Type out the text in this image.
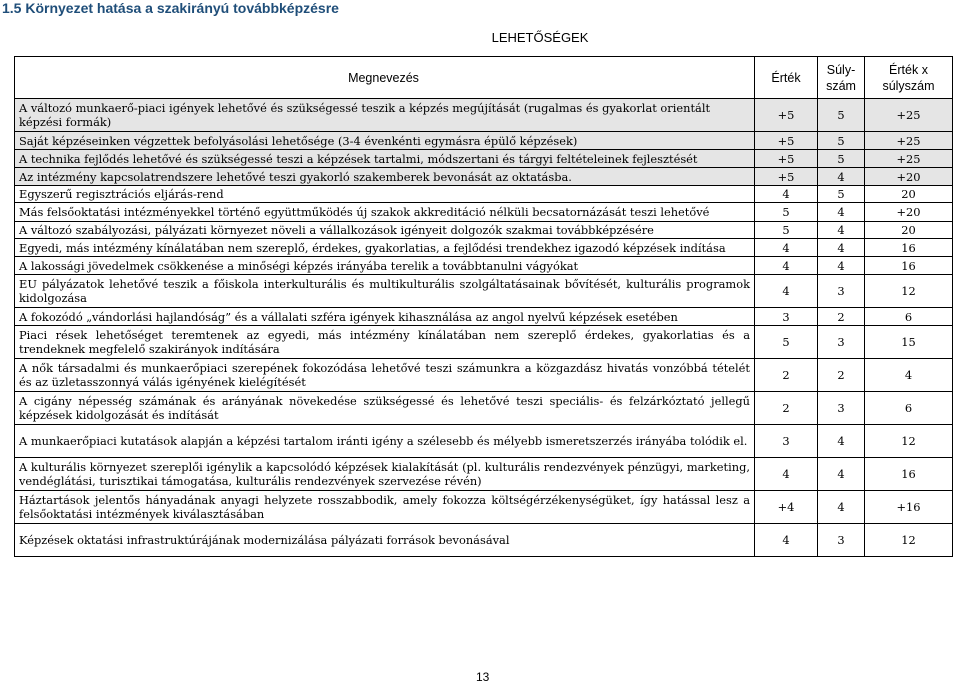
1.5 Környezet hatása a szakirányú továbbképzésre
LEHETŐSÉGEK
Megnevezés	Érték	Súly-szám	Érték x súlyszám
A változó munkaerő-piaci igények lehetővé és szükségessé teszik a képzés megújítását (rugalmas és gyakorlat orientált képzési formák)	+5	5	+25
Saját képzéseinken végzettek befolyásolási lehetősége (3-4 évenkénti egymásra épülő képzések)	+5	5	+25
A technika fejlődés lehetővé és szükségessé teszi a képzések tartalmi, módszertani és tárgyi feltételeinek fejlesztését	+5	5	+25
Az intézmény kapcsolatrendszere lehetővé teszi gyakorló szakemberek bevonását az oktatásba.	+5	4	+20
Egyszerű regisztrációs eljárás-rend	4	5	20
Más felsőoktatási intézményekkel történő együttműködés új szakok akkreditáció nélküli becsatornázását teszi lehetővé	5	4	+20
A változó szabályozási, pályázati környezet növeli a vállalkozások igényeit dolgozók szakmai továbbképzésére	5	4	20
Egyedi, más intézmény kínálatában nem szereplő, érdekes, gyakorlatias, a fejlődési trendekhez igazodó képzések indítása	4	4	16
A lakossági jövedelmek csökkenése a minőségi képzés irányába terelik a továbbtanulni vágyókat	4	4	16
EU pályázatok lehetővé teszik a főiskola interkulturális és multikulturális szolgáltatásainak bővítését, kulturális programok kidolgozása	4	3	12
A fokozódó „vándorlási hajlandóság” és a vállalati szféra igények kihasználása az angol nyelvű képzések esetében	3	2	6
Piaci rések lehetőséget teremtenek az egyedi, más intézmény kínálatában nem szereplő érdekes, gyakorlatias és a trendeknek megfelelő szakirányok indítására	5	3	15
A nők társadalmi és munkaerőpiaci szerepének fokozódása lehetővé teszi számunkra a közgazdász hivatás vonzóbbá tételét és az üzletasszonnyá válás igényének kielégítését	2	2	4
A cigány népesség számának és arányának növekedése szükségessé és lehetővé teszi speciális- és felzárkóztató jellegű képzések kidolgozását és indítását	2	3	6
A munkaerőpiaci kutatások alapján a képzési tartalom iránti igény a szélesebb és mélyebb ismeretszerzés irányába tolódik el.	3	4	12
A kulturális környezet szereplői igénylik a kapcsolódó képzések kialakítását (pl. kulturális rendezvények pénzügyi, marketing, vendéglátási, turisztikai támogatása, kulturális rendezvények szervezése révén)	4	4	16
Háztartások jelentős hányadának anyagi helyzete rosszabbodik, amely fokozza költségérzékenységüket, így hatással lesz a felsőoktatási intézmények kiválasztásában	+4	4	+16
Képzések oktatási infrastruktúrájának modernizálása pályázati források bevonásával	4	3	12
13
